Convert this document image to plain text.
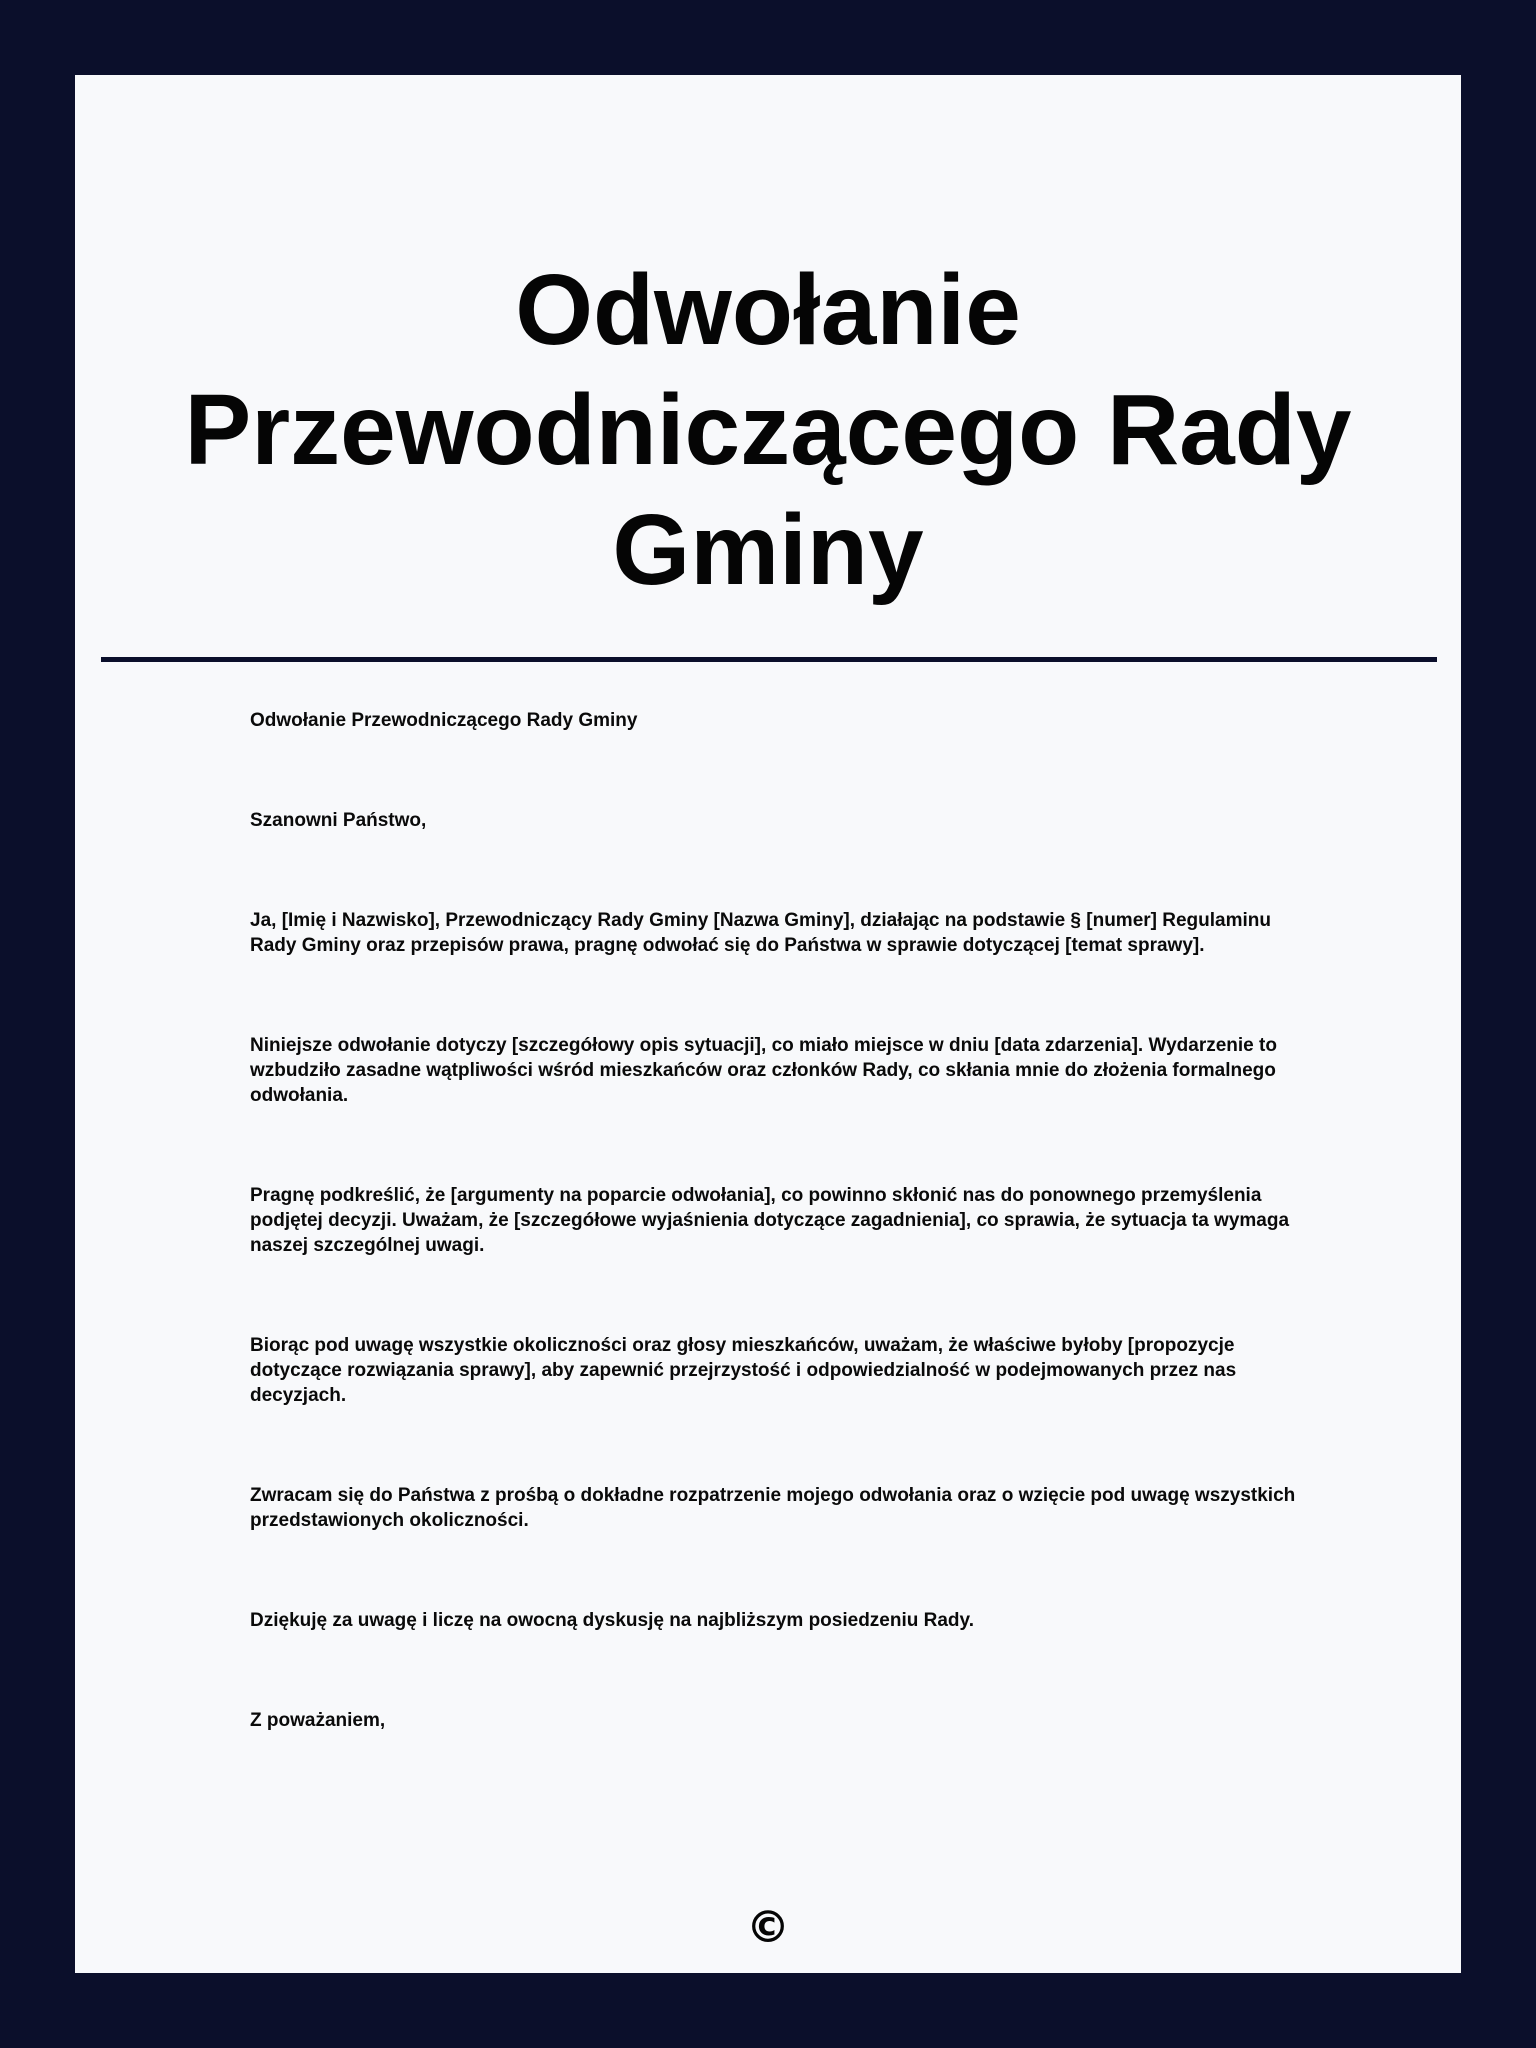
Odwołanie Przewodniczącego Rady Gminy

Odwołanie Przewodniczącego Rady Gminy

Szanowni Państwo,

Ja, [Imię i Nazwisko], Przewodniczący Rady Gminy [Nazwa Gminy], działając na podstawie § [numer] Regulaminu Rady Gminy oraz przepisów prawa, pragnę odwołać się do Państwa w sprawie dotyczącej [temat sprawy].

Niniejsze odwołanie dotyczy [szczegółowy opis sytuacji], co miało miejsce w dniu [data zdarzenia]. Wydarzenie to wzbudziło zasadne wątpliwości wśród mieszkańców oraz członków Rady, co skłania mnie do złożenia formalnego odwołania.

Pragnę podkreślić, że [argumenty na poparcie odwołania], co powinno skłonić nas do ponownego przemyślenia podjętej decyzji. Uważam, że [szczegółowe wyjaśnienia dotyczące zagadnienia], co sprawia, że sytuacja ta wymaga naszej szczególnej uwagi.

Biorąc pod uwagę wszystkie okoliczności oraz głosy mieszkańców, uważam, że właściwe byłoby [propozycje dotyczące rozwiązania sprawy], aby zapewnić przejrzystość i odpowiedzialność w podejmowanych przez nas decyzjach.

Zwracam się do Państwa z prośbą o dokładne rozpatrzenie mojego odwołania oraz o wzięcie pod uwagę wszystkich przedstawionych okoliczności.

Dziękuję za uwagę i liczę na owocną dyskusję na najbliższym posiedzeniu Rady.

Z poważaniem,

©
